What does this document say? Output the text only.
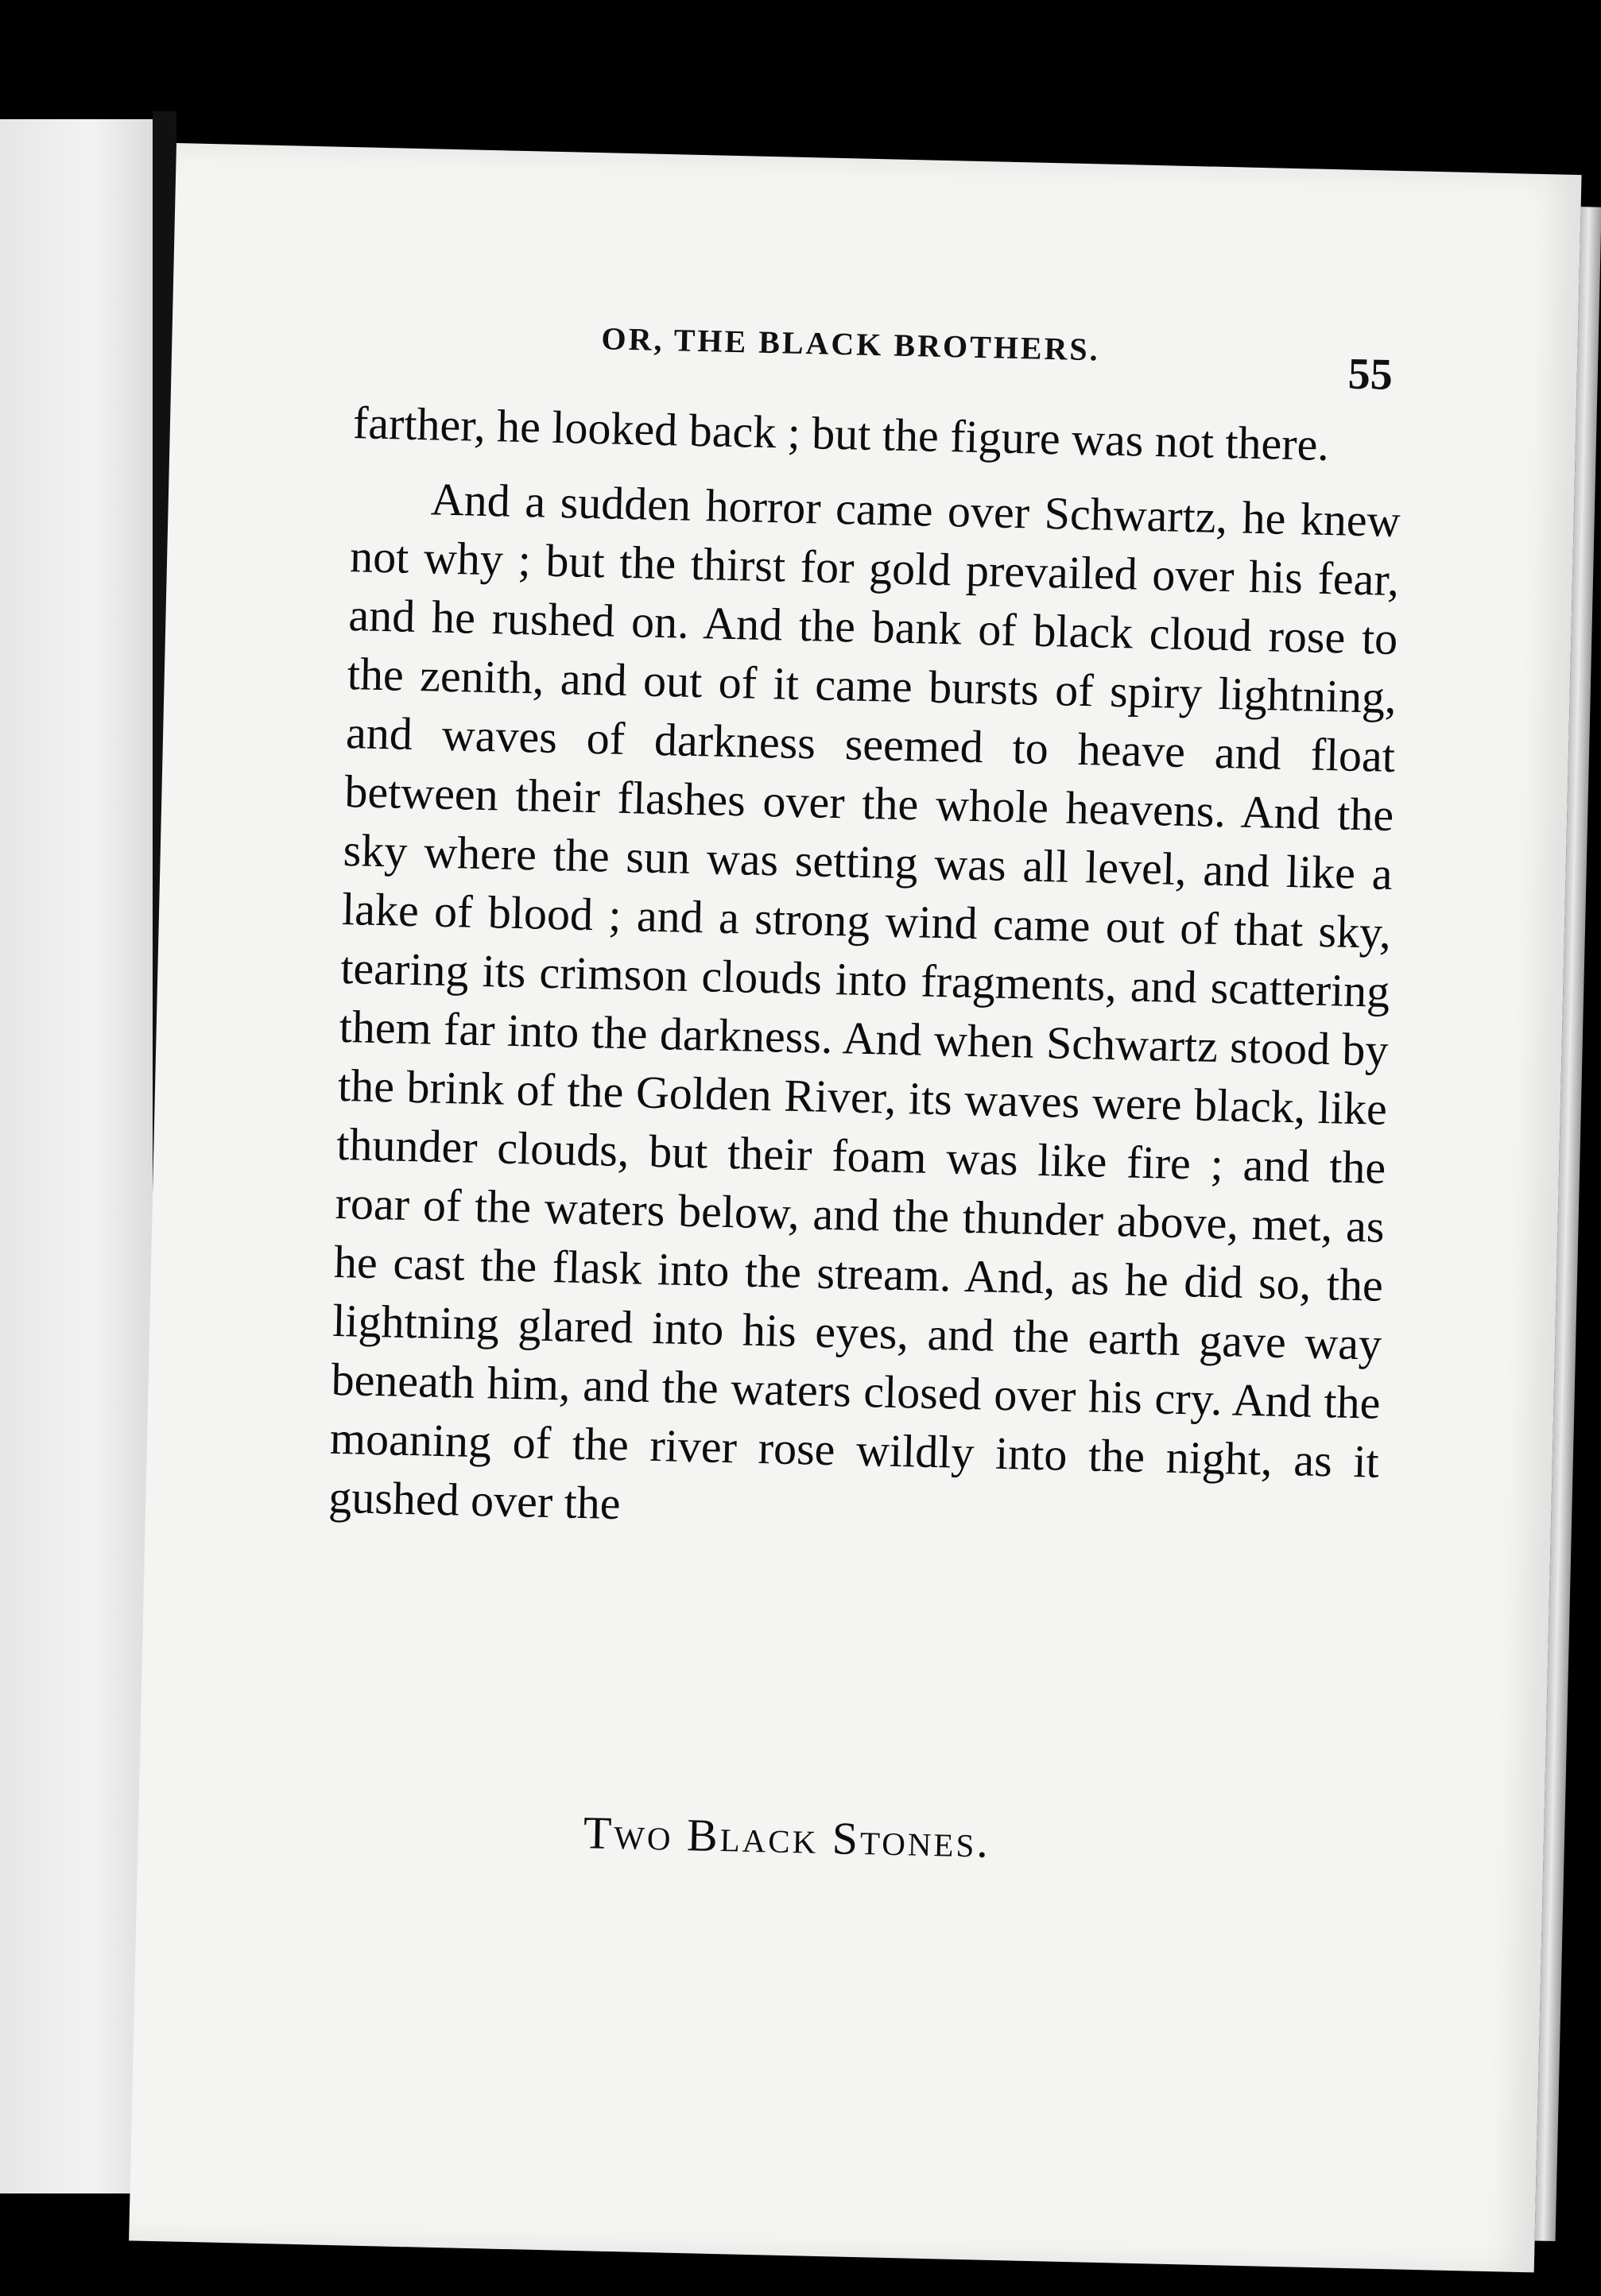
OR, THE BLACK BROTHERS.
55

farther, he looked back ; but the figure was not there.

And a sudden horror came over Schwartz, he knew not why ; but the thirst for gold prevailed over his fear, and he rushed on. And the bank of black cloud rose to the zenith, and out of it came bursts of spiry lightning, and waves of darkness seemed to heave and float between their flashes over the whole heavens. And the sky where the sun was setting was all level, and like a lake of blood ; and a strong wind came out of that sky, tearing its crimson clouds into fragments, and scattering them far into the darkness. And when Schwartz stood by the brink of the Golden River, its waves were black, like thunder clouds, but their foam was like fire ; and the roar of the waters below, and the thunder above, met, as he cast the flask into the stream. And, as he did so, the lightning glared into his eyes, and the earth gave way beneath him, and the waters closed over his cry. And the moaning of the river rose wildly into the night, as it gushed over the

Two Black Stones.
